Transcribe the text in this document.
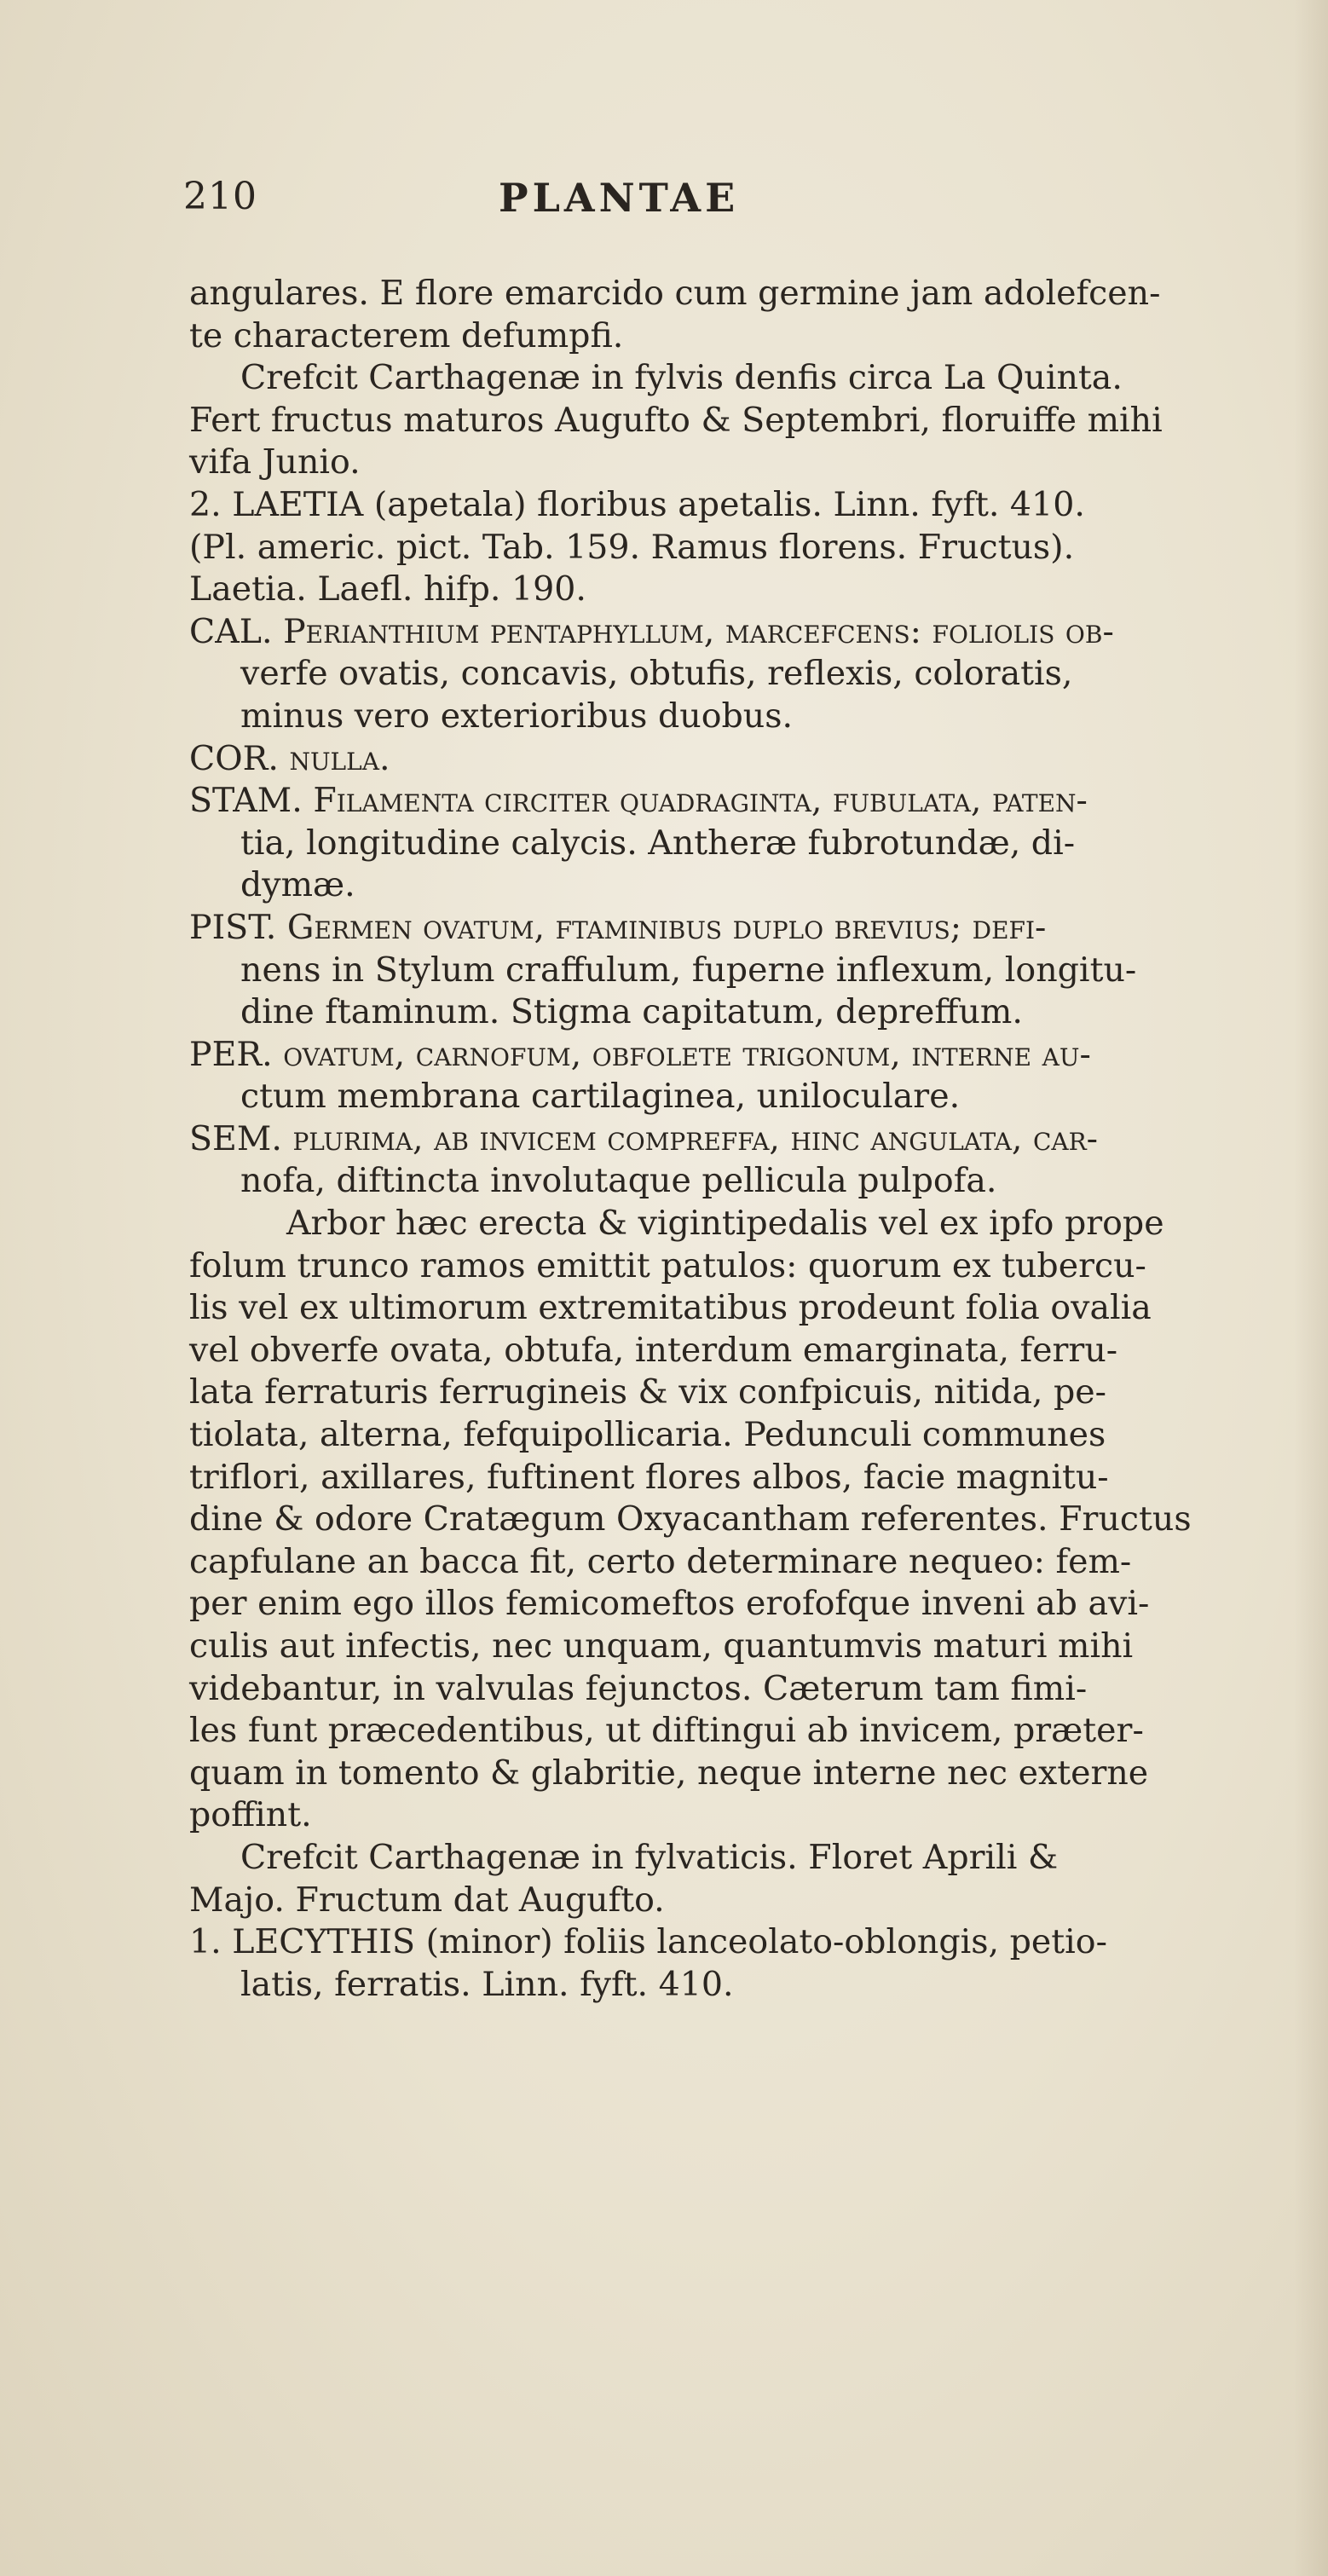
210	PLANTAE
angulares. E flore emarcido cum germine jam adolefcen-
te characterem defumpfi.
Crefcit Carthagenæ in fylvis denfis circa La Quinta.
Fert fructus maturos Augufto & Septembri, floruiffe mihi
vifa Junio.
2. LAETIA (apetala) floribus apetalis. Linn. fyft. 410.
(Pl. americ. pict. Tab. 159. Ramus florens. Fructus).
Laetia. Laefl. hifp. 190.
CAL. Perianthium pentaphyllum, marcefcens: foliolis ob-
verfe ovatis, concavis, obtufis, reflexis, coloratis,
minus vero exterioribus duobus.
COR. nulla.
STAM. Filamenta circiter quadraginta, fubulata, paten-
tia, longitudine calycis. Antheræ fubrotundæ, di-
dymæ.
PIST. Germen ovatum, ftaminibus duplo brevius; defi-
nens in Stylum craffulum, fuperne inflexum, longitu-
dine ftaminum. Stigma capitatum, depreffum.
PER. ovatum, carnofum, obfolete trigonum, interne au-
ctum membrana cartilaginea, uniloculare.
SEM. plurima, ab invicem compreffa, hinc angulata, car-
nofa, diftincta involutaque pellicula pulpofa.
Arbor hæc erecta & vigintipedalis vel ex ipfo prope
folum trunco ramos emittit patulos: quorum ex tubercu-
lis vel ex ultimorum extremitatibus prodeunt folia ovalia
vel obverfe ovata, obtufa, interdum emarginata, ferru-
lata ferraturis ferrugineis & vix confpicuis, nitida, pe-
tiolata, alterna, fefquipollicaria. Pedunculi communes
triflori, axillares, fuftinent flores albos, facie magnitu-
dine & odore Cratægum Oxyacantham referentes. Fructus
capfulane an bacca fit, certo determinare nequeo: fem-
per enim ego illos femicomeftos erofofque inveni ab avi-
culis aut infectis, nec unquam, quantumvis maturi mihi
videbantur, in valvulas fejunctos. Cæterum tam fimi-
les funt præcedentibus, ut diftingui ab invicem, præter-
quam in tomento & glabritie, neque interne nec externe
poffint.
Crefcit Carthagenæ in fylvaticis. Floret Aprili &
Majo. Fructum dat Augufto.
1. LECYTHIS (minor) foliis lanceolato-oblongis, petio-
latis, ferratis. Linn. fyft. 410.
